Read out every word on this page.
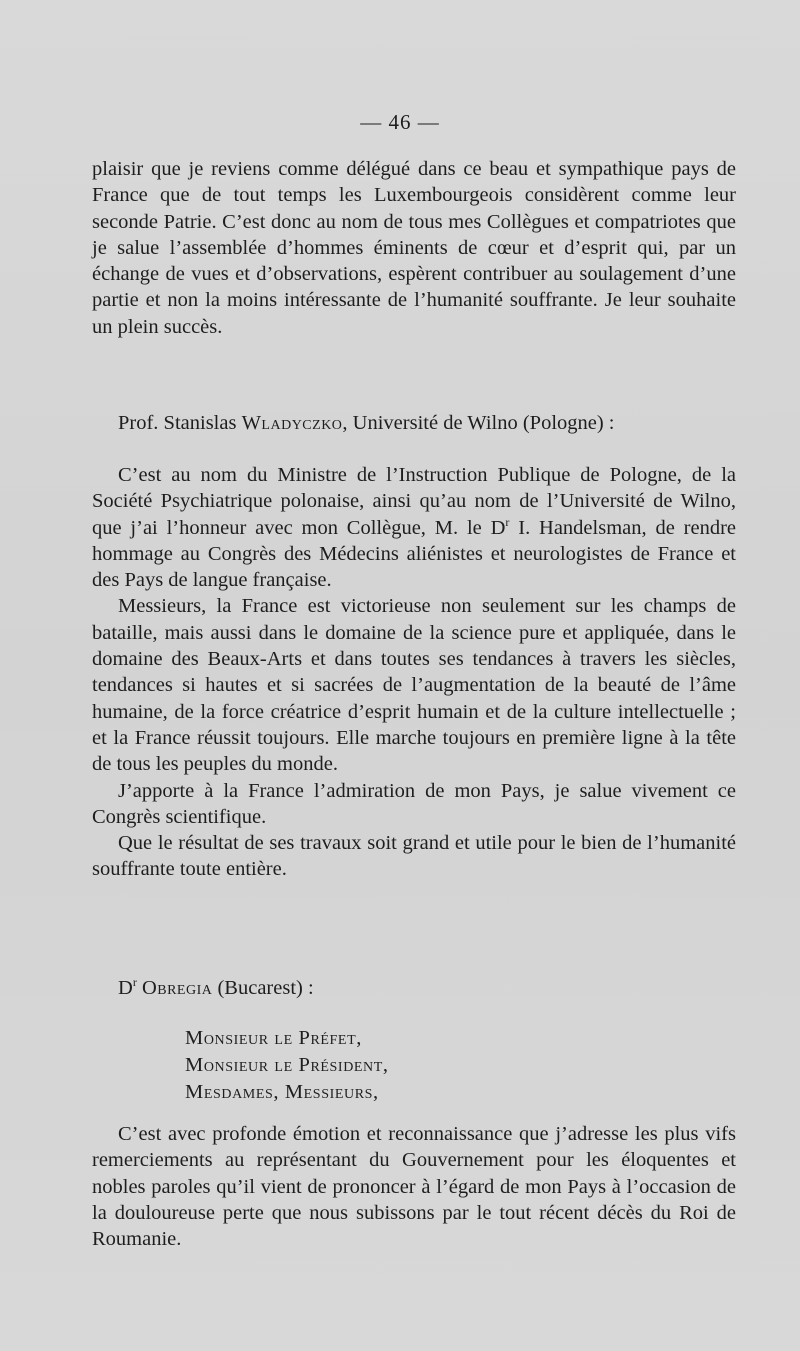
— 46 —

plaisir que je reviens comme délégué dans ce beau et sympathique pays de France que de tout temps les Luxembourgeois considèrent comme leur seconde Patrie. C’est donc au nom de tous mes Collègues et compatriotes que je salue l’assemblée d’hommes éminents de cœur et d’esprit qui, par un échange de vues et d’observations, espèrent contribuer au soulagement d’une partie et non la moins intéressante de l’humanité souffrante. Je leur souhaite un plein succès.

Prof. Stanislas Wladyczko, Université de Wilno (Pologne) :

C’est au nom du Ministre de l’Instruction Publique de Pologne, de la Société Psychiatrique polonaise, ainsi qu’au nom de l’Université de Wilno, que j’ai l’honneur avec mon Collègue, M. le $D^r$ I. Handelsman, de rendre hommage au Congrès des Médecins aliénistes et neurologistes de France et des Pays de langue française.

Messieurs, la France est victorieuse non seulement sur les champs de bataille, mais aussi dans le domaine de la science pure et appliquée, dans le domaine des Beaux-Arts et dans toutes ses tendances à travers les siècles, tendances si hautes et si sacrées de l’augmentation de la beauté de l’âme humaine, de la force créatrice d’esprit humain et de la culture intellectuelle ; et la France réussit toujours. Elle marche toujours en première ligne à la tête de tous les peuples du monde.

J’apporte à la France l’admiration de mon Pays, je salue vivement ce Congrès scientifique.

Que le résultat de ses travaux soit grand et utile pour le bien de l’humanité souffrante toute entière.

$D^r$ Obregia (Bucarest) :

Monsieur le Préfet,
Monsieur le Président,
Mesdames, Messieurs,

C’est avec profonde émotion et reconnaissance que j’adresse les plus vifs remerciements au représentant du Gouvernement pour les éloquentes et nobles paroles qu’il vient de prononcer à l’égard de mon Pays à l’occasion de la douloureuse perte que nous subissons par le tout récent décès du Roi de Roumanie.
